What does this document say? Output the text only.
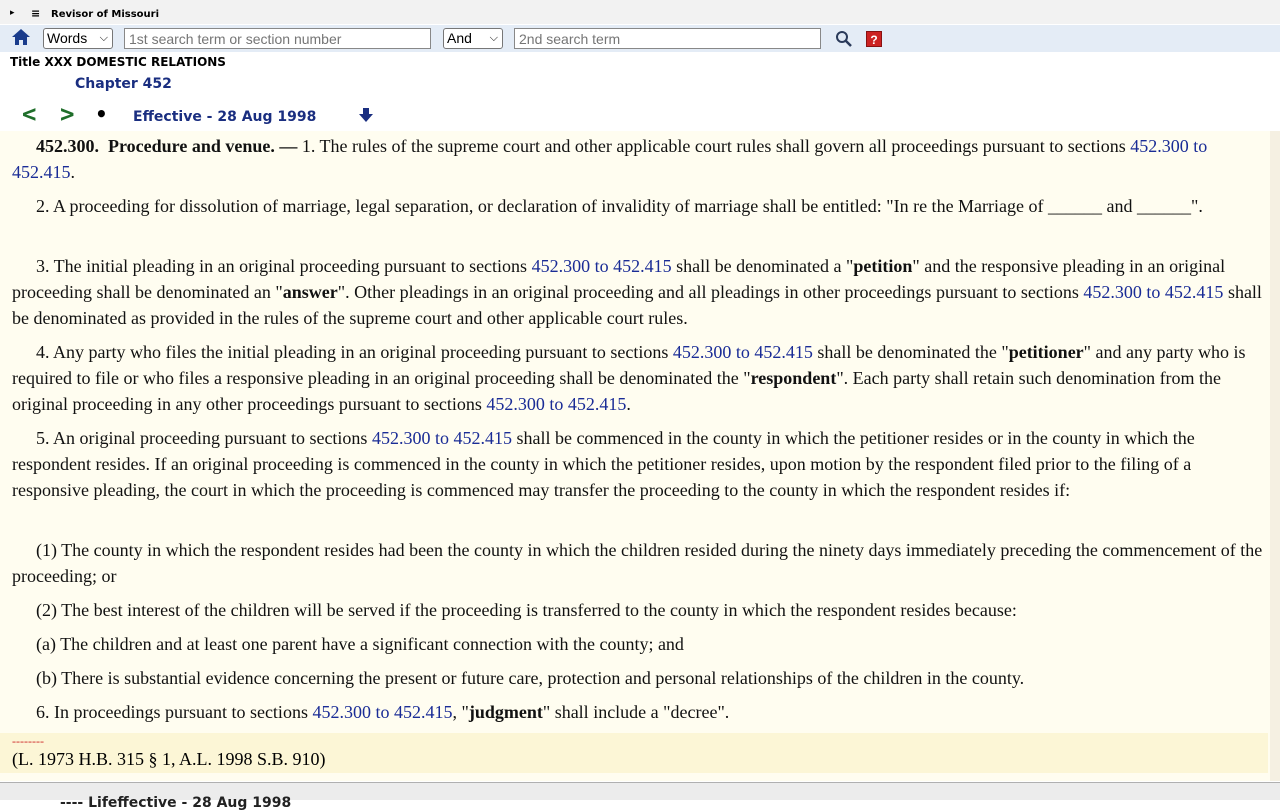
▸ ≡ Revisor of Missouri
Words ⌵
1st search term or section number	And ⌵
2nd search term	?
Title XXX DOMESTIC RELATIONS
Chapter 452
< > • Effective - 28 Aug 1998

452.300. Procedure and venue. — 1. The rules of the supreme court and other applicable court rules shall govern all proceedings pursuant to sections 452.300 to 452.415.

2. A proceeding for dissolution of marriage, legal separation, or declaration of invalidity of marriage shall be entitled: "In re the Marriage of ______ and ______".

3. The initial pleading in an original proceeding pursuant to sections 452.300 to 452.415 shall be denominated a "petition" and the responsive pleading in an original proceeding shall be denominated an "answer". Other pleadings in an original proceeding and all pleadings in other proceedings pursuant to sections 452.300 to 452.415 shall be denominated as provided in the rules of the supreme court and other applicable court rules.

4. Any party who files the initial pleading in an original proceeding pursuant to sections 452.300 to 452.415 shall be denominated the "petitioner" and any party who is required to file or who files a responsive pleading in an original proceeding shall be denominated the "respondent". Each party shall retain such denomination from the original proceeding in any other proceedings pursuant to sections 452.300 to 452.415.

5. An original proceeding pursuant to sections 452.300 to 452.415 shall be commenced in the county in which the petitioner resides or in the county in which the respondent resides. If an original proceeding is commenced in the county in which the petitioner resides, upon motion by the respondent filed prior to the filing of a responsive pleading, the court in which the proceeding is commenced may transfer the proceeding to the county in which the respondent resides if:

(1) The county in which the respondent resides had been the county in which the children resided during the ninety days immediately preceding the commencement of the proceeding; or

(2) The best interest of the children will be served if the proceeding is transferred to the county in which the respondent resides because:

(a) The children and at least one parent have a significant connection with the county; and

(b) There is substantial evidence concerning the present or future care, protection and personal relationships of the children in the county.

6. In proceedings pursuant to sections 452.300 to 452.415, "judgment" shall include a "decree".

--------
(L. 1973 H.B. 315 § 1, A.L. 1998 S.B. 910)
---- Lifeffective - 28 Aug 1998
